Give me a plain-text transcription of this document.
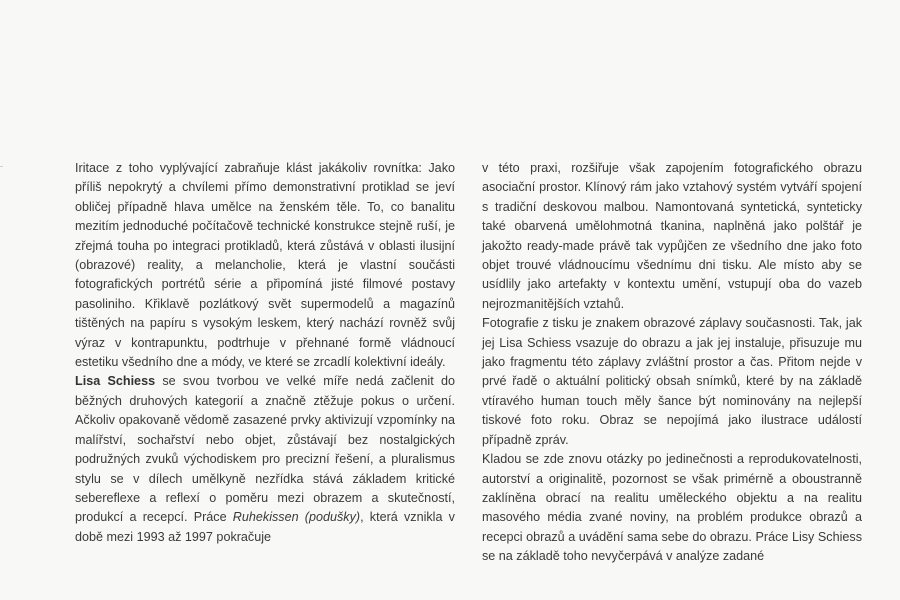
Iritace z toho vyplývající zabraňuje klást jakákoliv rovnítka: Jako příliš nepokrytý a chvílemi přímo demonstrativní protiklad se jeví obličej případně hlava umělce na ženském těle. To, co banalitu mezitím jednoduché počítačově technické konstrukce stejně ruší, je zřejmá touha po integraci protikladů, která zůstává v oblasti ilusijní (obrazové) reality, a melancholie, která je vlastní součásti fotografických portrétů série a připomíná jisté filmové postavy pasoliniho. Křiklavě pozlátkový svět supermodelů a magazínů tištěných na papíru s vysokým leskem, který nachází rovněž svůj výraz v kontrapunktu, podtrhuje v přehnané formě vládnoucí estetiku všedního dne a módy, ve které se zrcadlí kolektivní ideály.

Lisa Schiess se svou tvorbou ve velké míře nedá začlenit do běžných druhových kategorií a značně ztěžuje pokus o určení. Ačkoliv opakovaně vědomě zasazené prvky aktivizují vzpomínky na malířství, sochařství nebo objet, zůstávají bez nostalgických podružných zvuků východiskem pro precizní řešení, a pluralismus stylu se v dílech umělkyně nezřídka stává základem kritické sebereflexe a reflexí o poměru mezi obrazem a skutečností, produkcí a recepcí. Práce Ruhekissen (podušky), která vznikla v době mezi 1993 až 1997 pokračuje

v této praxi, rozšiřuje však zapojením fotografického obrazu asociační prostor. Klínový rám jako vztahový systém vytváří spojení s tradiční deskovou malbou. Namontovaná syntetická, synteticky také obarvená umělohmotná tkanina, naplněná jako polštář je jakožto ready-made právě tak vypůjčen ze všedního dne jako foto objet trouvé vládnoucímu všednímu dni tisku. Ale místo aby se usídlily jako artefakty v kontextu umění, vstupují oba do vazeb nejrozmanitějších vztahů.

Fotografie z tisku je znakem obrazové záplavy současnosti. Tak, jak jej Lisa Schiess vsazuje do obrazu a jak jej instaluje, přisuzuje mu jako fragmentu této záplavy zvláštní prostor a čas. Přitom nejde v prvé řadě o aktuální politický obsah snímků, které by na základě vtíravého human touch měly šance být nominovány na nejlepší tiskové foto roku. Obraz se nepojímá jako ilustrace událostí případně zpráv.

Kladou se zde znovu otázky po jedinečnosti a reprodukovatelnosti, autorství a originalitě, pozornost se však primérně a oboustranně zaklíněna obrací na realitu uměleckého objektu a na realitu masového média zvané noviny, na problém produkce obrazů a recepci obrazů a uvádění sama sebe do obrazu. Práce Lisy Schiess se na základě toho nevyčerpává v analýze zadané
